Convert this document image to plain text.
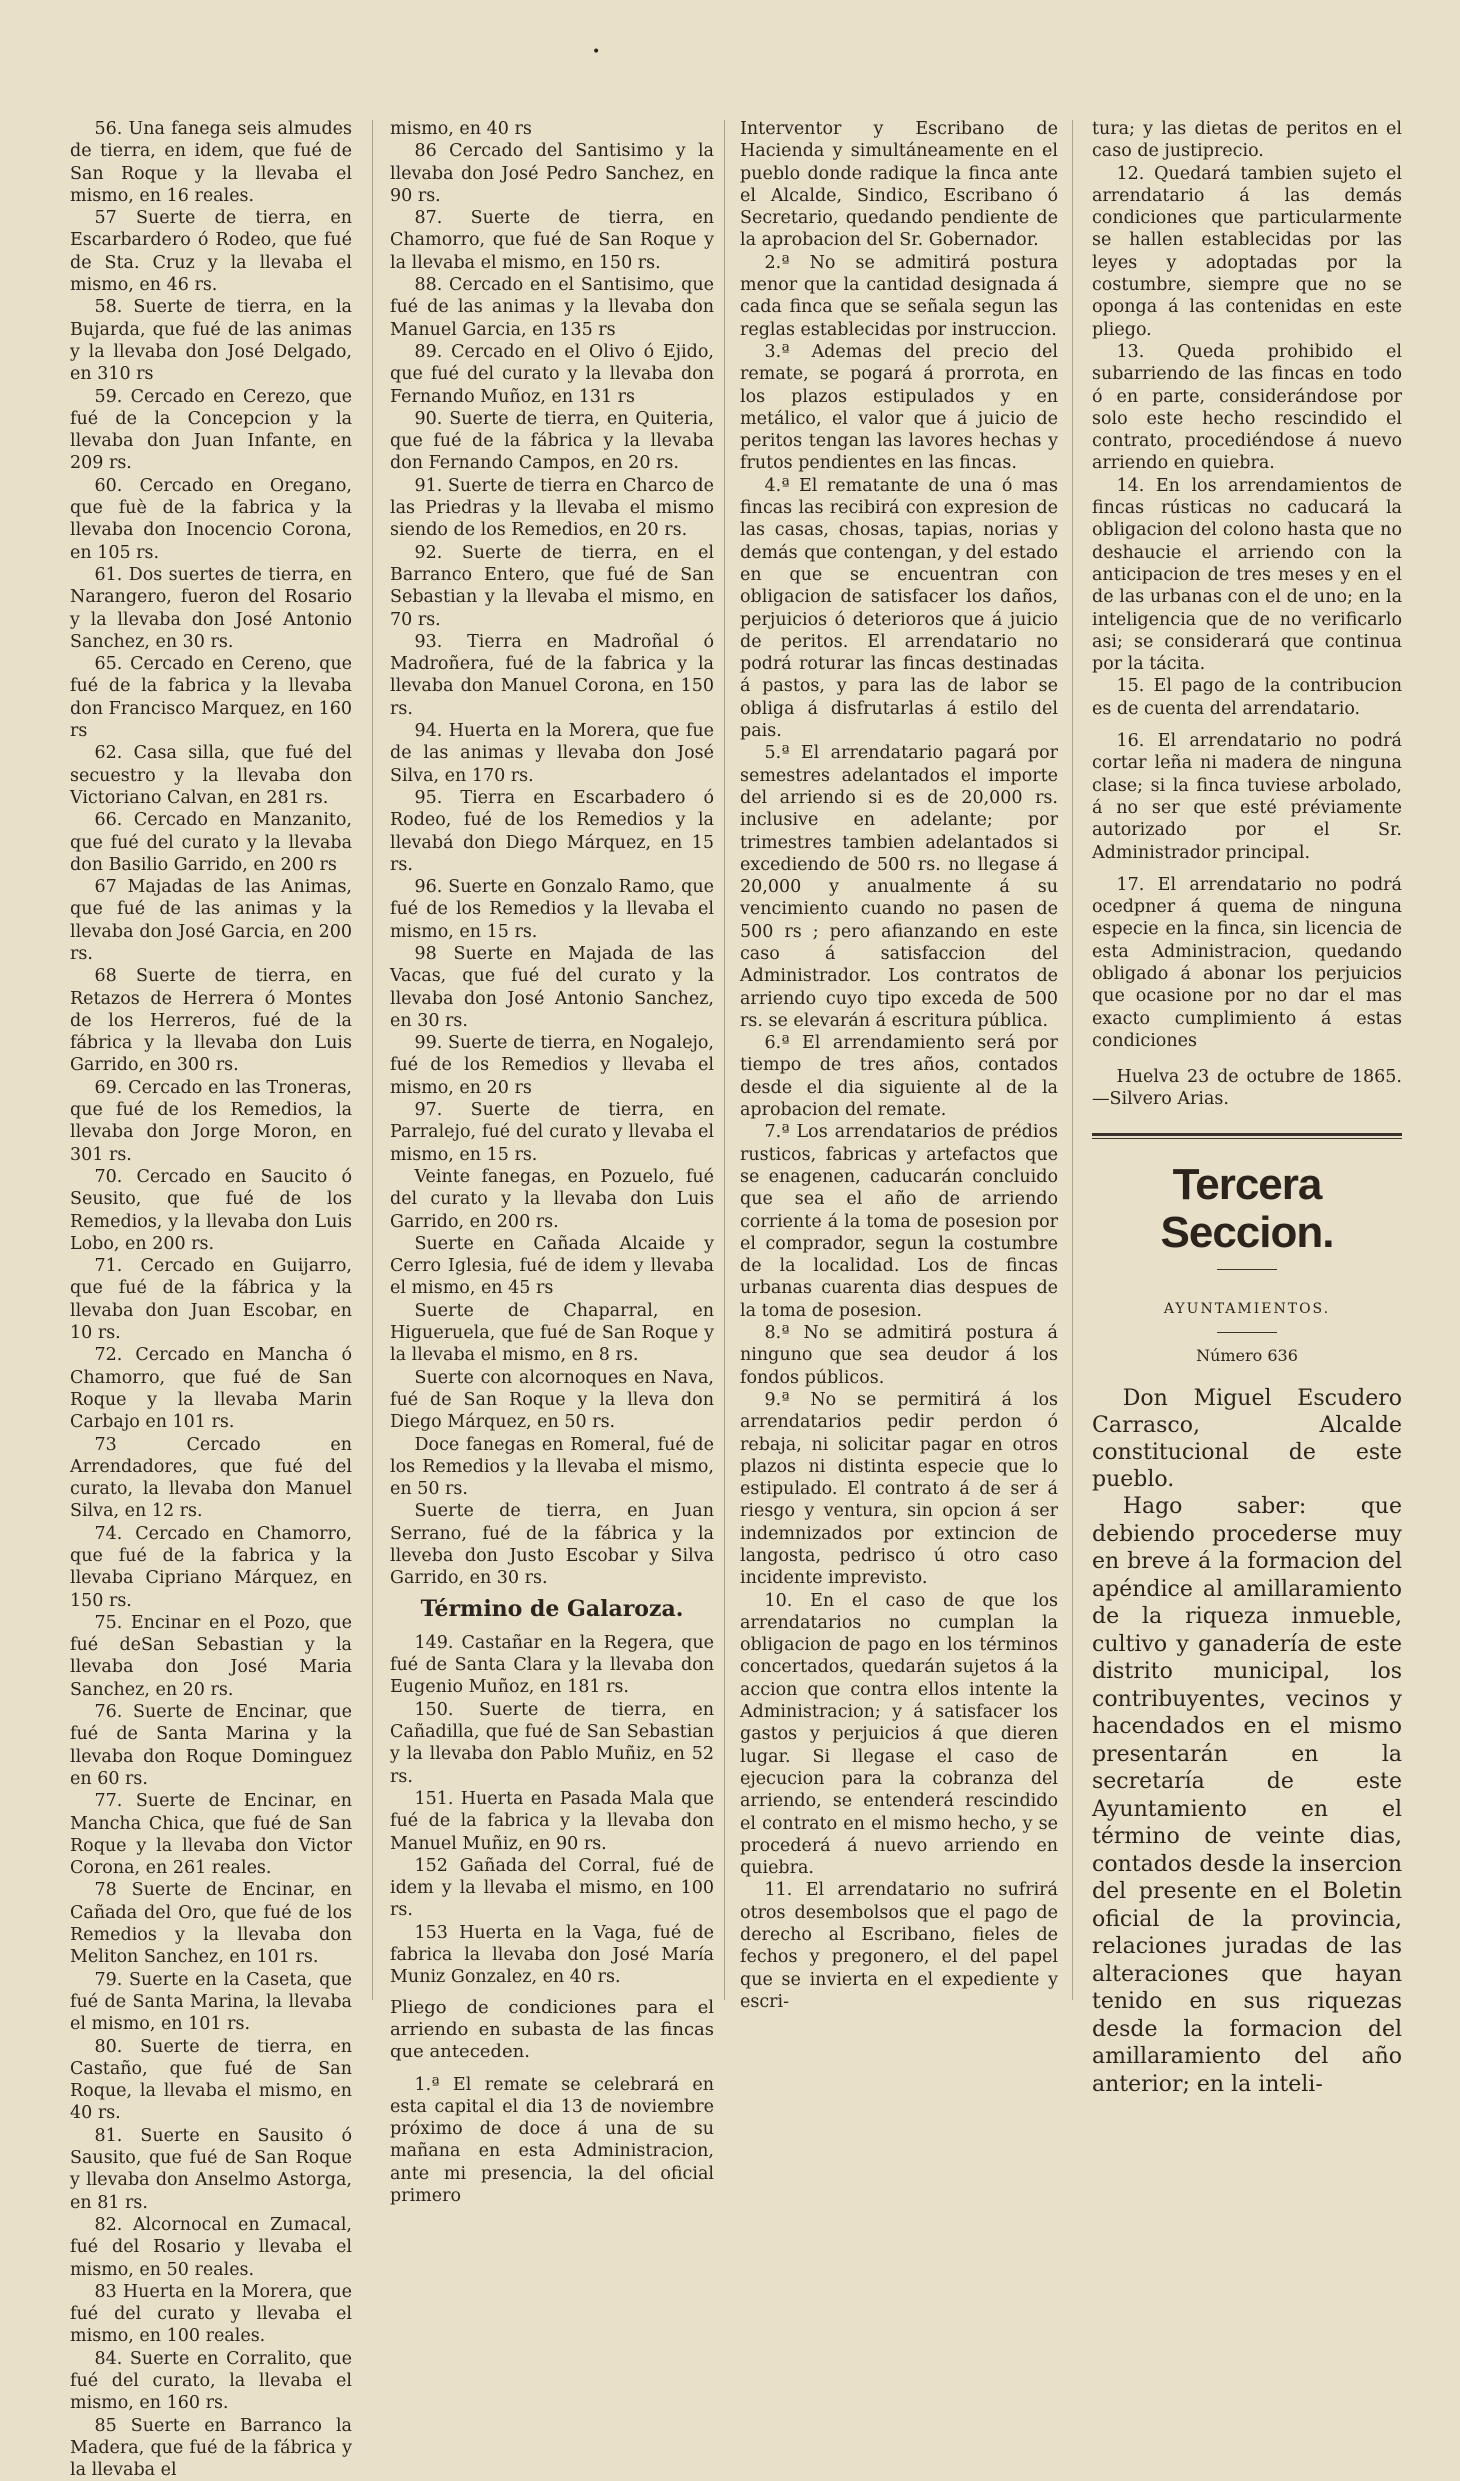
•

56. Una fanega seis almudes de tierra, en idem, que fué de San Roque y la llevaba el mismo, en 16 reales.

57 Suerte de tierra, en Escarbardero ó Rodeo, que fué de Sta. Cruz y la llevaba el mismo, en 46 rs.

58. Suerte de tierra, en la Bujarda, que fué de las animas y la llevaba don José Delgado, en 310 rs

59. Cercado en Cerezo, que fué de la Concepcion y la llevaba don Juan Infante, en 209 rs.

60. Cercado en Oregano, que fuè de la fabrica y la llevaba don Inocencio Corona, en 105 rs.

61. Dos suertes de tierra, en Narangero, fueron del Rosario y la llevaba don José Antonio Sanchez, en 30 rs.

65. Cercado en Cereno, que fué de la fabrica y la llevaba don Francisco Marquez, en 160 rs

62. Casa silla, que fué del secuestro y la llevaba don Victoriano Calvan, en 281 rs.

66. Cercado en Manzanito, que fué del curato y la llevaba don Basilio Garrido, en 200 rs

67 Majadas de las Animas, que fué de las animas y la llevaba don José Garcia, en 200 rs.

68 Suerte de tierra, en Retazos de Herrera ó Montes de los Herreros, fué de la fábrica y la llevaba don Luis Garrido, en 300 rs.

69. Cercado en las Troneras, que fué de los Remedios, la llevaba don Jorge Moron, en 301 rs.

70. Cercado en Saucito ó Seusito, que fué de los Remedios, y la llevaba don Luis Lobo, en 200 rs.

71. Cercado en Guijarro, que fué de la fábrica y la llevaba don Juan Escobar, en 10 rs.

72. Cercado en Mancha ó Chamorro, que fué de San Roque y la llevaba Marin Carbajo en 101 rs.

73 Cercado en Arrendadores, que fué del curato, la llevaba don Manuel Silva, en 12 rs.

74. Cercado en Chamorro, que fué de la fabrica y la llevaba Cipriano Márquez, en 150 rs.

75. Encinar en el Pozo, que fué deSan Sebastian y la llevaba don José Maria Sanchez, en 20 rs.

76. Suerte de Encinar, que fué de Santa Marina y la llevaba don Roque Dominguez en 60 rs.

77. Suerte de Encinar, en Mancha Chica, que fué de San Roque y la llevaba don Victor Corona, en 261 reales.

78 Suerte de Encinar, en Cañada del Oro, que fué de los Remedios y la llevaba don Meliton Sanchez, en 101 rs.

79. Suerte en la Caseta, que fué de Santa Marina, la llevaba el mismo, en 101 rs.

80. Suerte de tierra, en Castaño, que fué de San Roque, la llevaba el mismo, en 40 rs.

81. Suerte en Sausito ó Sausito, que fué de San Roque y llevaba don Anselmo Astorga, en 81 rs.

82. Alcornocal en Zumacal, fué del Rosario y llevaba el mismo, en 50 reales.

83 Huerta en la Morera, que fué del curato y llevaba el mismo, en 100 reales.

84. Suerte en Corralito, que fué del curato, la llevaba el mismo, en 160 rs.

85 Suerte en Barranco la Madera, que fué de la fábrica y la llevaba el

mismo, en 40 rs

86 Cercado del Santisimo y la llevaba don José Pedro Sanchez, en 90 rs.

87. Suerte de tierra, en Chamorro, que fué de San Roque y la llevaba el mismo, en 150 rs.

88. Cercado en el Santisimo, que fué de las animas y la llevaba don Manuel Garcia, en 135 rs

89. Cercado en el Olivo ó Ejido, que fué del curato y la llevaba don Fernando Muñoz, en 131 rs

90. Suerte de tierra, en Quiteria, que fué de la fábrica y la llevaba don Fernando Campos, en 20 rs.

91. Suerte de tierra en Charco de las Priedras y la llevaba el mismo siendo de los Remedios, en 20 rs.

92. Suerte de tierra, en el Barranco Entero, que fué de San Sebastian y la llevaba el mismo, en 70 rs.

93. Tierra en Madroñal ó Madroñera, fué de la fabrica y la llevaba don Manuel Corona, en 150 rs.

94. Huerta en la Morera, que fue de las animas y llevaba don José Silva, en 170 rs.

95. Tierra en Escarbadero ó Rodeo, fué de los Remedios y la llevabá don Diego Márquez, en 15 rs.

96. Suerte en Gonzalo Ramo, que fué de los Remedios y la llevaba el mismo, en 15 rs.

98 Suerte en Majada de las Vacas, que fué del curato y la llevaba don José Antonio Sanchez, en 30 rs.

99. Suerte de tierra, en Nogalejo, fué de los Remedios y llevaba el mismo, en 20 rs

97. Suerte de tierra, en Parralejo, fué del curato y llevaba el mismo, en 15 rs.

Veinte fanegas, en Pozuelo, fué del curato y la llevaba don Luis Garrido, en 200 rs.

Suerte en Cañada Alcaide y Cerro Iglesia, fué de idem y llevaba el mismo, en 45 rs

Suerte de Chaparral, en Higueruela, que fué de San Roque y la llevaba el mismo, en 8 rs.

Suerte con alcornoques en Nava, fué de San Roque y la lleva don Diego Márquez, en 50 rs.

Doce fanegas en Romeral, fué de los Remedios y la llevaba el mismo, en 50 rs.

Suerte de tierra, en Juan Serrano, fué de la fábrica y la lleveba don Justo Escobar y Silva Garrido, en 30 rs.

Término de Galaroza.

149. Castañar en la Regera, que fué de Santa Clara y la llevaba don Eugenio Muñoz, en 181 rs.

150. Suerte de tierra, en Cañadilla, que fué de San Sebastian y la llevaba don Pablo Muñiz, en 52 rs.

151. Huerta en Pasada Mala que fué de la fabrica y la llevaba don Manuel Muñiz, en 90 rs.

152 Gañada del Corral, fué de idem y la llevaba el mismo, en 100 rs.

153 Huerta en la Vaga, fué de fabrica la llevaba don José María Muniz Gonzalez, en 40 rs.

Pliego de condiciones para el arriendo en subasta de las fincas que anteceden.

1.ª El remate se celebrará en esta capital el dia 13 de noviembre próximo de doce á una de su mañana en esta Administracion, ante mi presencia, la del oficial primero

Interventor y Escribano de Hacienda y simultáneamente en el pueblo donde radique la finca ante el Alcalde, Sindico, Escribano ó Secretario, quedando pendiente de la aprobacion del Sr. Gobernador.

2.ª No se admitirá postura menor que la cantidad designada á cada finca que se señala segun las reglas establecidas por instruccion.

3.ª Ademas del precio del remate, se pogará á prorrota, en los plazos estipulados y en metálico, el valor que á juicio de peritos tengan las lavores hechas y frutos pendientes en las fincas.

4.ª El rematante de una ó mas fincas las recibirá con expresion de las casas, chosas, tapias, norias y demás que contengan, y del estado en que se encuentran con obligacion de satisfacer los daños, perjuicios ó deterioros que á juicio de peritos. El arrendatario no podrá roturar las fincas destinadas á pastos, y para las de labor se obliga á disfrutarlas á estilo del pais.

5.ª El arrendatario pagará por semestres adelantados el importe del arriendo si es de 20,000 rs. inclusive en adelante; por trimestres tambien adelantados si excediendo de 500 rs. no llegase á 20,000 y anualmente á su vencimiento cuando no pasen de 500 rs ; pero afianzando en este caso á satisfaccion del Administrador. Los contratos de arriendo cuyo tipo exceda de 500 rs. se elevarán á escritura pública.

6.ª El arrendamiento será por tiempo de tres años, contados desde el dia siguiente al de la aprobacion del remate.

7.ª Los arrendatarios de prédios rusticos, fabricas y artefactos que se enagenen, caducarán concluido que sea el año de arriendo corriente á la toma de posesion por el comprador, segun la costumbre de la localidad. Los de fincas urbanas cuarenta dias despues de la toma de posesion.

8.ª No se admitirá postura á ninguno que sea deudor á los fondos públicos.

9.ª No se permitirá á los arrendatarios pedir perdon ó rebaja, ni solicitar pagar en otros plazos ni distinta especie que lo estipulado. El contrato á de ser á riesgo y ventura, sin opcion á ser indemnizados por extincion de langosta, pedrisco ú otro caso incidente imprevisto.

10. En el caso de que los arrendatarios no cumplan la obligacion de pago en los términos concertados, quedarán sujetos á la accion que contra ellos intente la Administracion; y á satisfacer los gastos y perjuicios á que dieren lugar. Si llegase el caso de ejecucion para la cobranza del arriendo, se entenderá rescindido el contrato en el mismo hecho, y se procederá á nuevo arriendo en quiebra.

11. El arrendatario no sufrirá otros desembolsos que el pago de derecho al Escribano, fieles de fechos y pregonero, el del papel que se invierta en el expediente y escri-

tura; y las dietas de peritos en el caso de justiprecio.

12. Quedará tambien sujeto el arrendatario á las demás condiciones que particularmente se hallen establecidas por las leyes y adoptadas por la costumbre, siempre que no se oponga á las contenidas en este pliego.

13. Queda prohibido el subarriendo de las fincas en todo ó en parte, considerándose por solo este hecho rescindido el contrato, procediéndose á nuevo arriendo en quiebra.

14. En los arrendamientos de fincas rústicas no caducará la obligacion del colono hasta que no deshaucie el arriendo con la anticipacion de tres meses y en el de las urbanas con el de uno; en la inteligencia que de no verificarlo asi; se considerará que continua por la tácita.

15. El pago de la contribucion es de cuenta del arrendatario.

16. El arrendatario no podrá cortar leña ni madera de ninguna clase; si la finca tuviese arbolado, á no ser que esté préviamente autorizado por el Sr. Administrador principal.

17. El arrendatario no podrá ocedpner á quema de ninguna especie en la finca, sin licencia de esta Administracion, quedando obligado á abonar los perjuicios que ocasione por no dar el mas exacto cumplimiento á estas condiciones

Huelva 23 de octubre de 1865. —Silvero Arias.

Tercera Seccion.
AYUNTAMIENTOS.
Número 636

Don Miguel Escudero Carrasco, Alcalde constitucional de este pueblo.

Hago saber: que debiendo procederse muy en breve á la formacion del apéndice al amillaramiento de la riqueza inmueble, cultivo y ganadería de este distrito municipal, los contribuyentes, vecinos y hacendados en el mismo presentarán en la secretaría de este Ayuntamiento en el término de veinte dias, contados desde la insercion del presente en el Boletin oficial de la provincia, relaciones juradas de las alteraciones que hayan tenido en sus riquezas desde la formacion del amillaramiento del año anterior; en la inteli-
